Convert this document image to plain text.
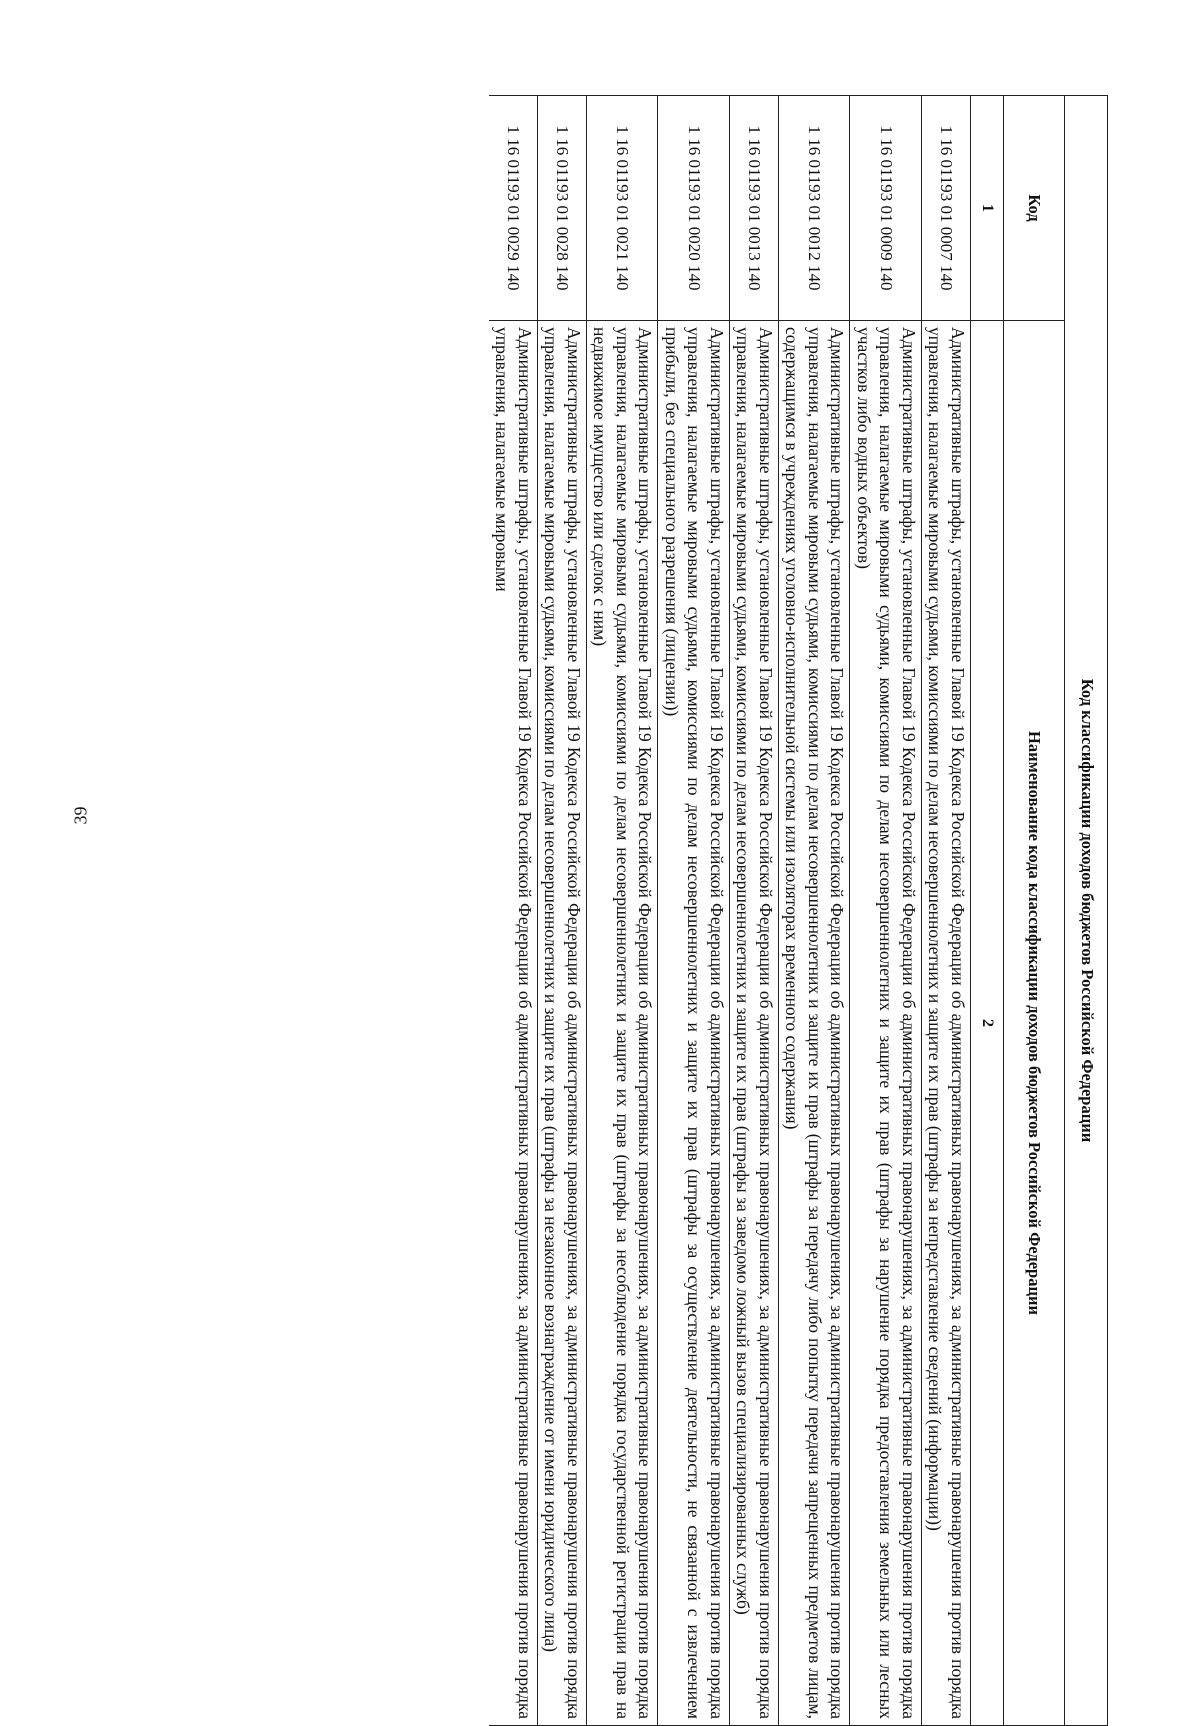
39	Код классификации доходов бюджетов Российской Федерации	
Код	Наименование кода классификации доходов бюджетов Российской Федерации
1	2
1 16 01193 01 0007 140	Административные штрафы, установленные Главой 19 Кодекса Российской Федерации об административных правонарушениях, за административные правонарушения против порядка управления, налагаемые мировыми судьями, комиссиями по делам несовершеннолетних и защите их прав (штрафы за непредставление сведений (информации))
1 16 01193 01 0009 140	Административные штрафы, установленные Главой 19 Кодекса Российской Федерации об административных правонарушениях, за административные правонарушения против порядка управления, налагаемые мировыми судьями, комиссиями по делам несовершеннолетних и защите их прав (штрафы за нарушение порядка предоставления земельных или лесных участков либо водных объектов)
1 16 01193 01 0012 140	Административные штрафы, установленные Главой 19 Кодекса Российской Федерации об административных правонарушениях, за административные правонарушения против порядка управления, налагаемые мировыми судьями, комиссиями по делам несовершеннолетних и защите их прав (штрафы за передачу либо попытку передачи запрещенных предметов лицам, содержащимся в учреждениях уголовно-исполнительной системы или изоляторах временного содержания)
1 16 01193 01 0013 140	Административные штрафы, установленные Главой 19 Кодекса Российской Федерации об административных правонарушениях, за административные правонарушения против порядка управления, налагаемые мировыми судьями, комиссиями по делам несовершеннолетних и защите их прав (штрафы за заведомо ложный вызов специализированных служб)
1 16 01193 01 0020 140	Административные штрафы, установленные Главой 19 Кодекса Российской Федерации об административных правонарушениях, за административные правонарушения против порядка управления, налагаемые мировыми судьями, комиссиями по делам несовершеннолетних и защите их прав (штрафы за осуществление деятельности, не связанной с извлечением прибыли, без специального разрешения (лицензии))
1 16 01193 01 0021 140	Административные штрафы, установленные Главой 19 Кодекса Российской Федерации об административных правонарушениях, за административные правонарушения против порядка управления, налагаемые мировыми судьями, комиссиями по делам несовершеннолетних и защите их прав (штрафы за несоблюдение порядка государственной регистрации прав на недвижимое имущество или сделок с ним)
1 16 01193 01 0028 140	Административные штрафы, установленные Главой 19 Кодекса Российской Федерации об административных правонарушениях, за административные правонарушения против порядка управления, налагаемые мировыми судьями, комиссиями по делам несовершеннолетних и защите их прав (штрафы за незаконное вознаграждение от имени юридического лица)
1 16 01193 01 0029 140	Административные штрафы, установленные Главой 19 Кодекса Российской Федерации об административных правонарушениях, за административные правонарушения против порядка управления, налагаемые мировыми
